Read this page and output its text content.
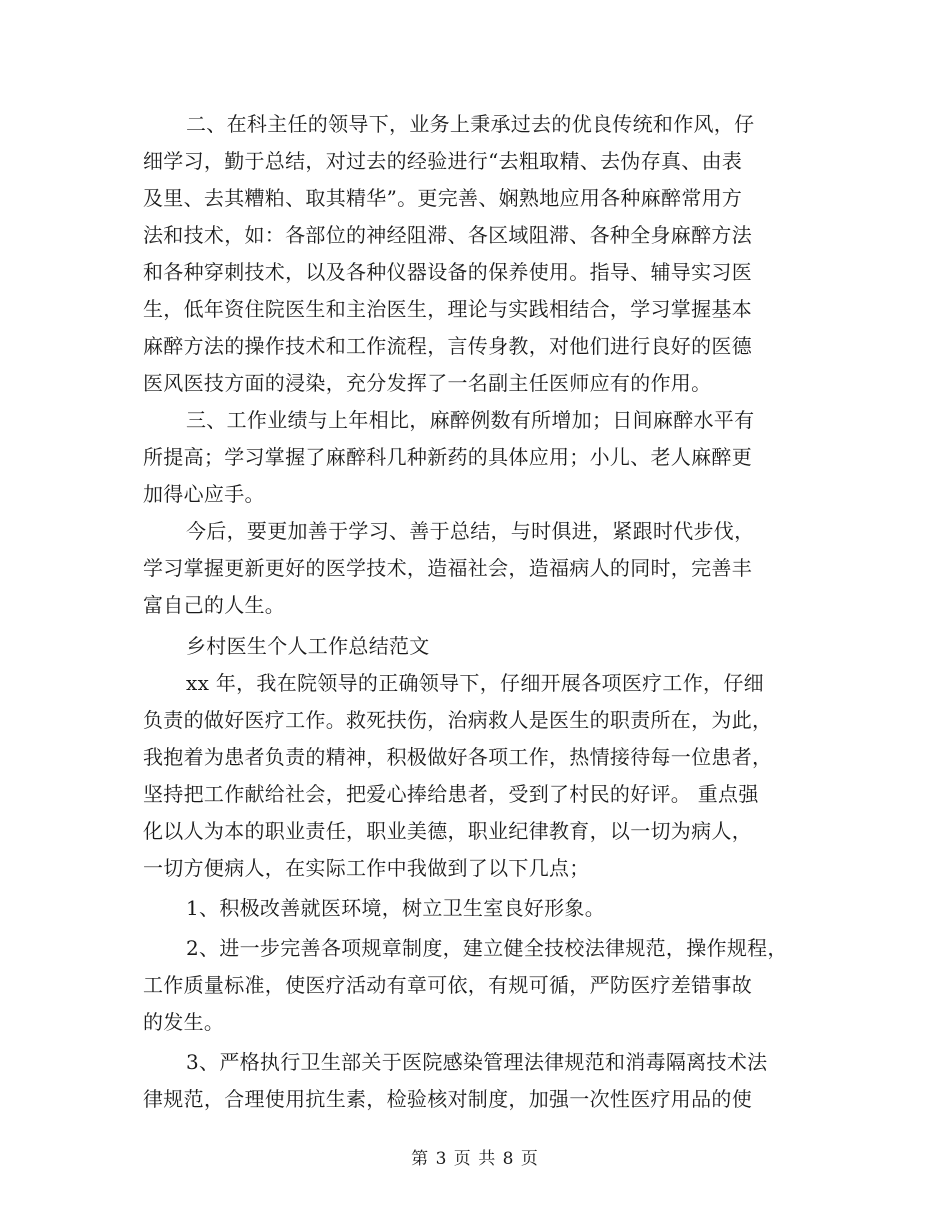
二、在科主任的领导下，业务上秉承过去的优良传统和作风，仔
细学习，勤于总结，对过去的经验进行“去粗取精、去伪存真、由表
及里、去其糟粕、取其精华”。更完善、娴熟地应用各种麻醉常用方
法和技术，如：各部位的神经阻滞、各区域阻滞、各种全身麻醉方法
和各种穿刺技术，以及各种仪器设备的保养使用。指导、辅导实习医
生，低年资住院医生和主治医生，理论与实践相结合，学习掌握基本
麻醉方法的操作技术和工作流程，言传身教，对他们进行良好的医德
医风医技方面的浸染，充分发挥了一名副主任医师应有的作用。
三、工作业绩与上年相比，麻醉例数有所增加；日间麻醉水平有
所提高；学习掌握了麻醉科几种新药的具体应用；小儿、老人麻醉更
加得心应手。
今后，要更加善于学习、善于总结，与时俱进，紧跟时代步伐，
学习掌握更新更好的医学技术，造福社会，造福病人的同时，完善丰
富自己的人生。
乡村医生个人工作总结范文
xx 年，我在院领导的正确领导下，仔细开展各项医疗工作，仔细
负责的做好医疗工作。救死扶伤，治病救人是医生的职责所在，为此，
我抱着为患者负责的精神，积极做好各项工作，热情接待每一位患者，
坚持把工作献给社会，把爱心捧给患者，受到了村民的好评。 重点强
化以人为本的职业责任，职业美德，职业纪律教育，以一切为病人，
一切方便病人，在实际工作中我做到了以下几点；
1、积极改善就医环境，树立卫生室良好形象。
2、进一步完善各项规章制度，建立健全技校法律规范，操作规程，
工作质量标准，使医疗活动有章可依，有规可循，严防医疗差错事故
的发生。
3、严格执行卫生部关于医院感染管理法律规范和消毒隔离技术法
律规范，合理使用抗生素，检验核对制度，加强一次性医疗用品的使
第 3 页 共 8 页
